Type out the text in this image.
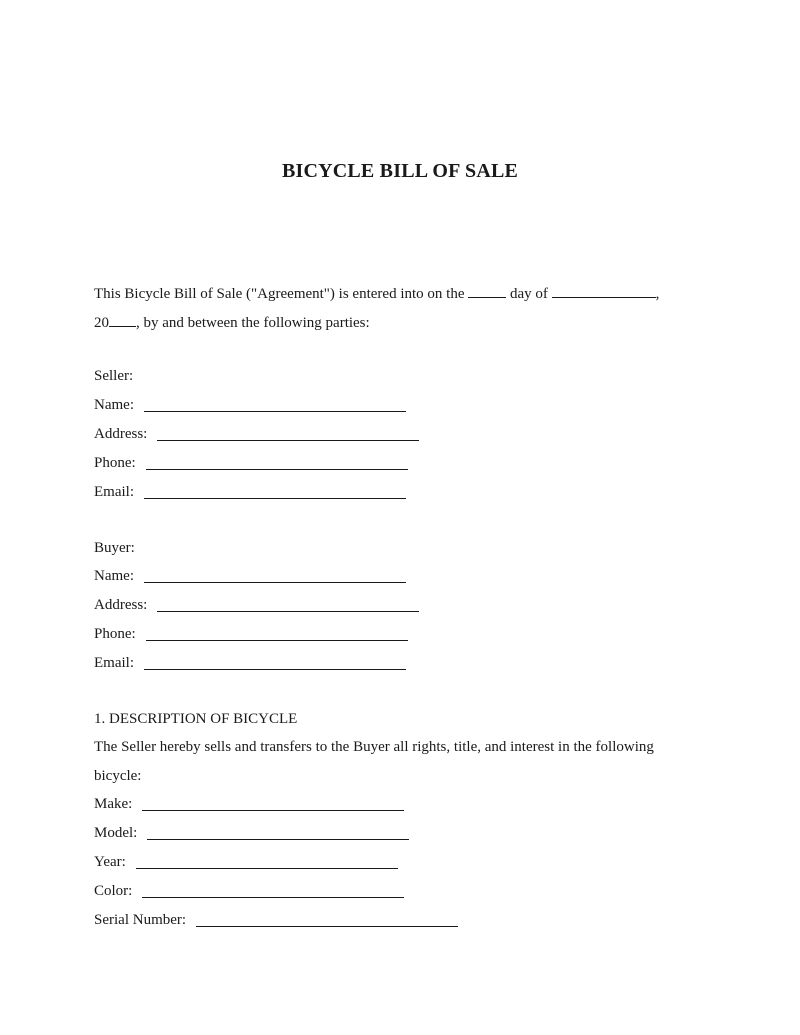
BICYCLE BILL OF SALE
This Bicycle Bill of Sale ("Agreement") is entered into on the	day of	,
20 , by and between the following parties:
Seller:
Name:
Address:
Phone:
Email:
Buyer:
Name:
Address:
Phone:
Email:
1. DESCRIPTION OF BICYCLE
The Seller hereby sells and transfers to the Buyer all rights, title, and interest in the following
bicycle:
Make:
Model:
Year:
Color:
Serial Number:
